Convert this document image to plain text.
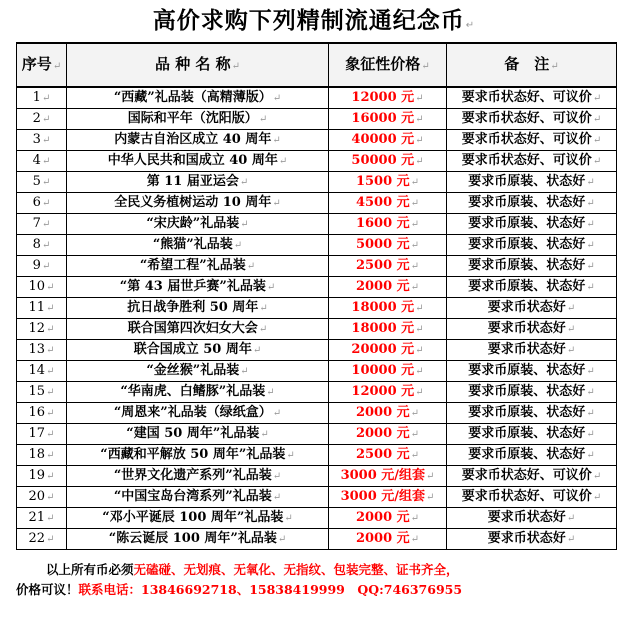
高价求购下列精制流通纪念币↵
序号↵	品 种 名 称↵	象征性价格↵	备　注↵
1↵	“西藏”礼品装（高精薄版）↵	12000 元↵	要求币状态好、可议价↵
2↵	国际和平年（沈阳版）↵	16000 元↵	要求币状态好、可议价↵
3↵	内蒙古自治区成立 40 周年↵	40000 元↵	要求币状态好、可议价↵
4↵	中华人民共和国成立 40 周年↵	50000 元↵	要求币状态好、可议价↵
5↵	第 11 届亚运会↵	1500 元↵	要求币原装、状态好↵
6↵	全民义务植树运动 10 周年↵	4500 元↵	要求币原装、状态好↵
7↵	“宋庆龄”礼品装↵	1600 元↵	要求币原装、状态好↵
8↵	“熊猫”礼品装↵	5000 元↵	要求币原装、状态好↵
9↵	“希望工程”礼品装↵	2500 元↵	要求币原装、状态好↵
10↵	“第 43 届世乒赛”礼品装↵	2000 元↵	要求币原装、状态好↵
11↵	抗日战争胜利 50 周年↵	18000 元↵	要求币状态好↵
12↵	联合国第四次妇女大会↵	18000 元↵	要求币状态好↵
13↵	联合国成立 50 周年↵	20000 元↵	要求币状态好↵
14↵	“金丝猴”礼品装↵	10000 元↵	要求币原装、状态好↵
15↵	“华南虎、白鳍豚”礼品装↵	12000 元↵	要求币原装、状态好↵
16↵	“周恩来”礼品装（绿纸盒）↵	2000 元↵	要求币原装、状态好↵
17↵	“建国 50 周年”礼品装↵	2000 元↵	要求币原装、状态好↵
18↵	“西藏和平解放 50 周年”礼品装↵	2500 元↵	要求币原装、状态好↵
19↵	“世界文化遗产系列”礼品装↵	3000 元/组套↵	要求币状态好、可议价↵
20↵	“中国宝岛台湾系列”礼品装↵	3000 元/组套↵	要求币状态好、可议价↵
21↵	“邓小平诞辰 100 周年”礼品装↵	2000 元↵	要求币状态好↵
22↵	“陈云诞辰 100 周年”礼品装↵	2000 元↵	要求币状态好↵
以上所有币必须无磕碰、无划痕、无氧化、无指纹、包装完整、证书齐全，
价格可议！联系电话：13846692718、15838419999　QQ:746376955
